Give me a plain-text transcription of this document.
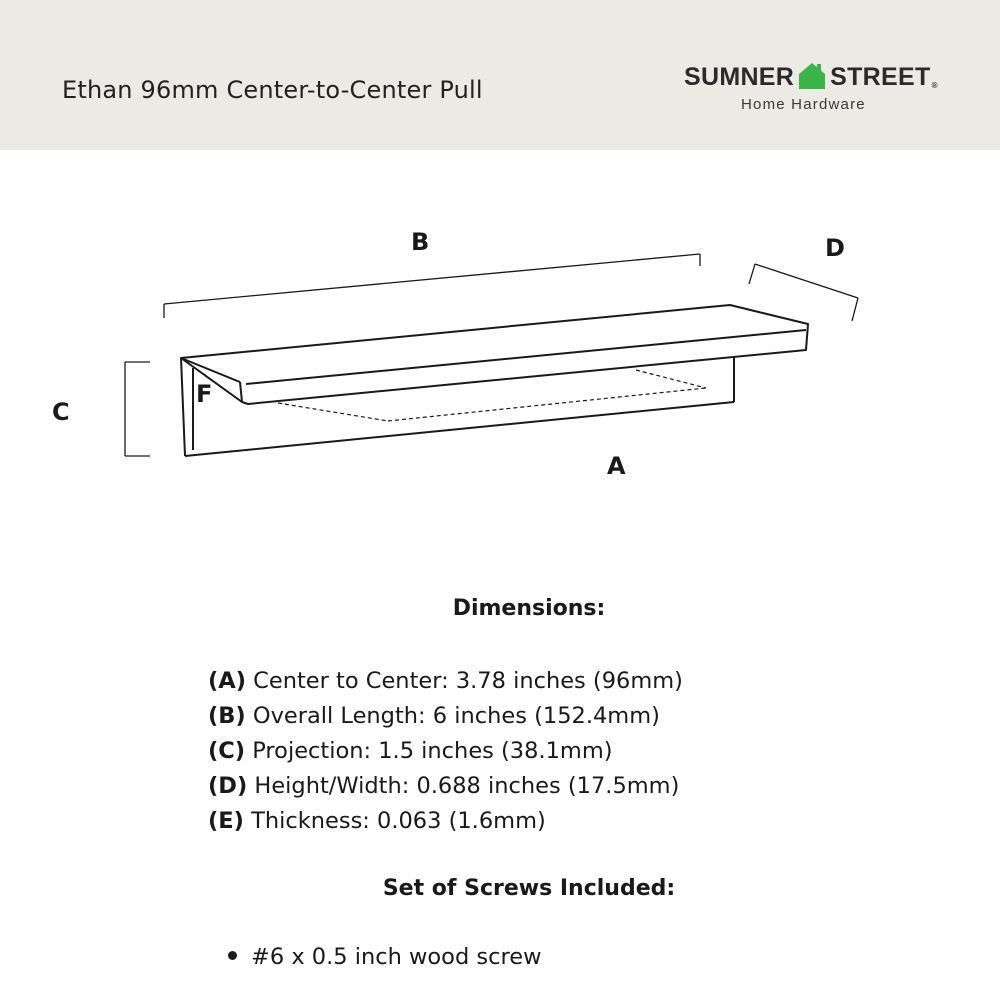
Ethan 96mm Center-to-Center Pull	SUMNER STREET ®
Home Hardware
B	D
C
F
A
Dimensions:
(A) Center to Center: 3.78 inches (96mm)
(B) Overall Length: 6 inches (152.4mm)
(C) Projection: 1.5 inches (38.1mm)
(D) Height/Width: 0.688 inches (17.5mm)
(E) Thickness: 0.063 (1.6mm)
Set of Screws Included:
#6 x 0.5 inch wood screw
